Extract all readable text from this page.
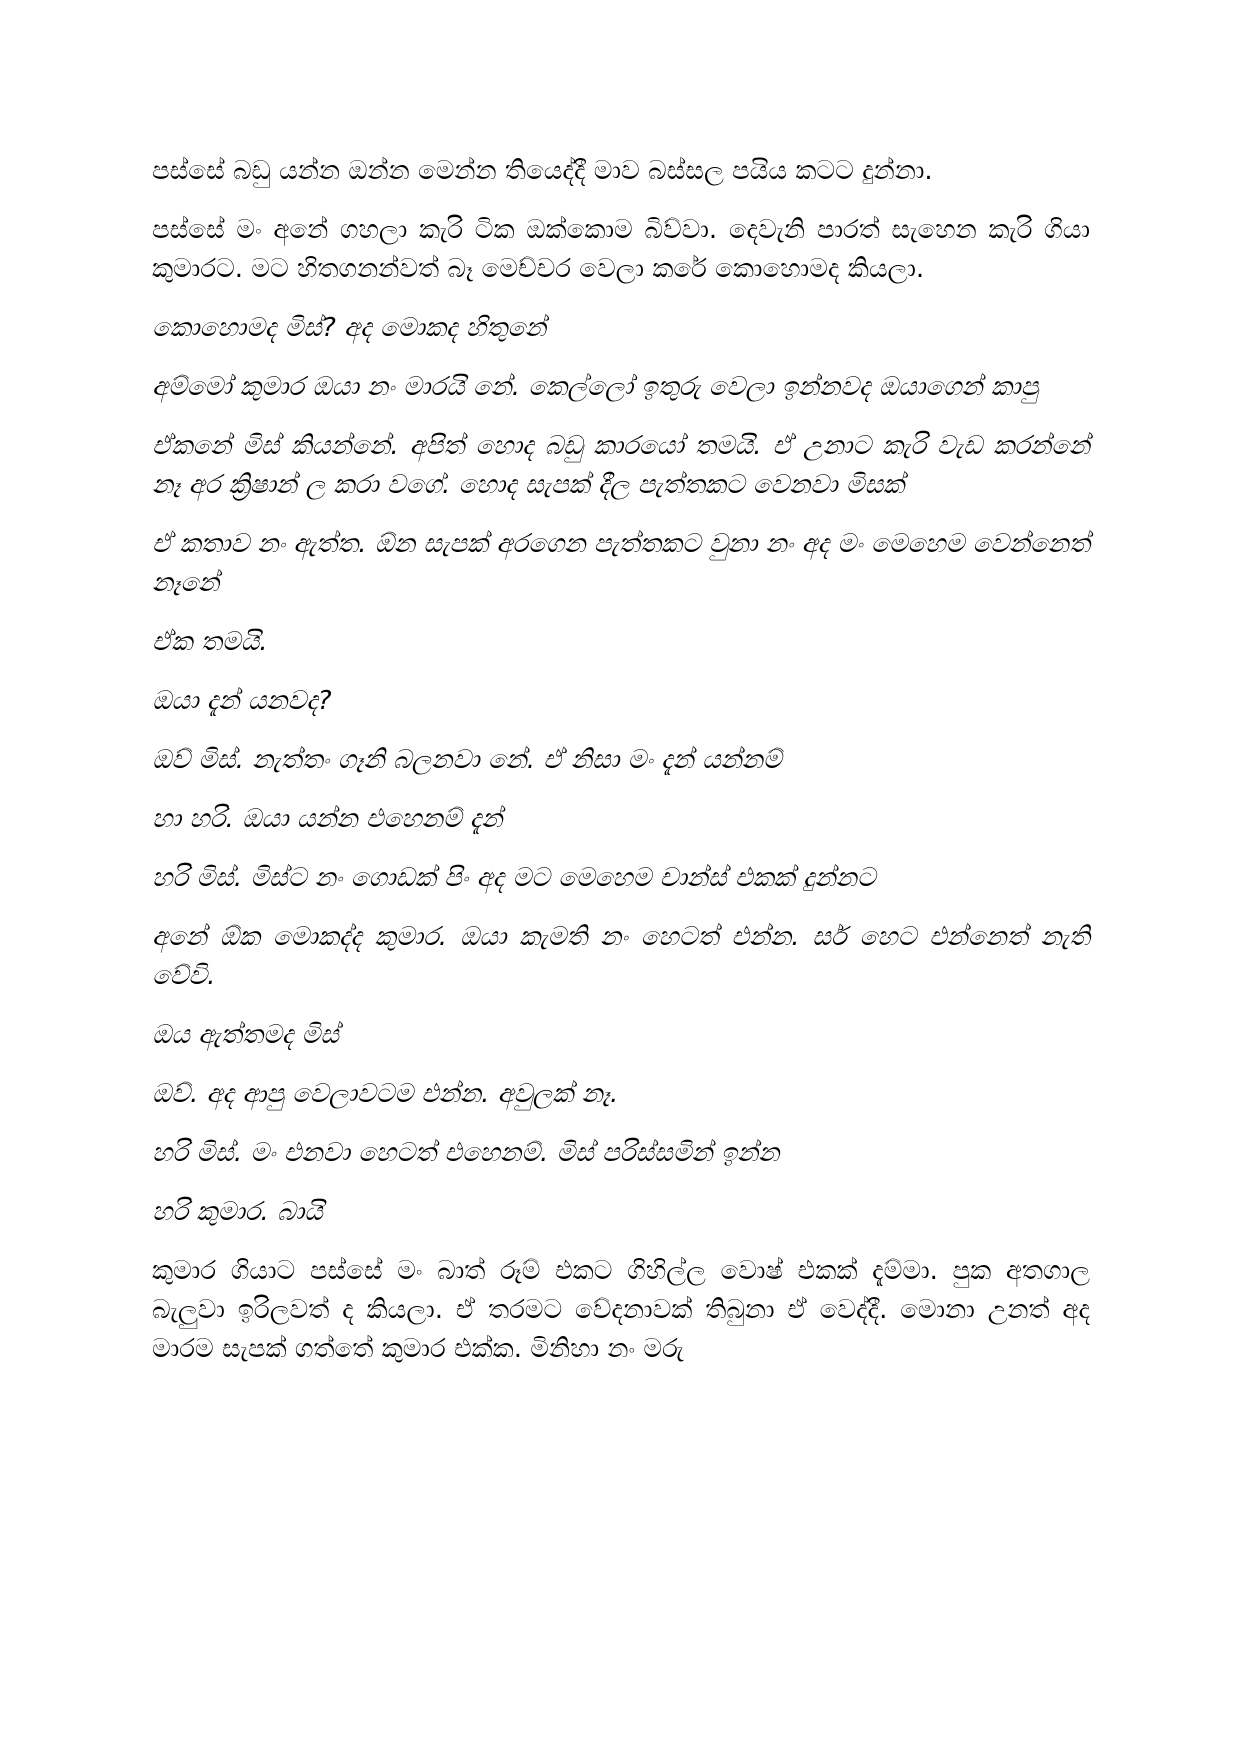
පස්සේ බඩු යන්න ඔන්න මෙන්න තියෙද්දී මාව බස්සල පයිය කටට දුන්නා.

පස්සේ මං අනේ ගහලා කැරි ටික ඔක්කොම බිව්වා. දෙවැනි පාරත් සැහෙන කැරි ගියා කුමාරට. මට හිතගනන්වත් බෑ මෙච්චර වෙලා කරේ කොහොමද කියලා.

කොහොමද මිස්? අද මොකද හිතුනේ

අම්මෝ කුමාර ඔයා නං මාරයි නේ. කෙල්ලෝ ඉතුරු වෙලා ඉන්නවද ඔයාගෙන් කාපු

ඒකනේ මිස් කියන්නේ. අපිත් හොද බඩු කාරයෝ තමයි. ඒ උනාට කැරි වැඩ කරන්නේ නෑ අර ක්‍රිෂාන් ල කරා වගේ. හොද සැපක් දීල පැත්තකට වෙනවා මිසක්

ඒ කතාව නං ඇත්ත. ඕන සැපක් අරගෙන පැත්තකට වුනා නං අද මං මෙහෙම වෙන්නෙත් නෑනේ

ඒක තමයි.

ඔයා දැන් යනවද?

ඔව් මිස්. නැත්තං ගෑනි බලනවා නේ. ඒ නිසා මං දැන් යන්නම්

හා හරි. ඔයා යන්න එහෙනම් දැන්

හරි මිස්. මිස්ට නං ගොඩක් පිං අද මට මෙහෙම චාන්ස් එකක් දුන්නට

අනේ ඕක මොකද්ද කුමාර. ඔයා කැමති නං හෙටත් එන්න. සර් හෙට එන්නෙත් නැති වේවි.

ඔය ඇත්තමද මිස්

ඔව්. අද ආපු වෙලාවටම එන්න. අවුලක් නෑ.

හරි මිස්. මං එනවා හෙටත් එහෙනම්. මිස් පරිස්සමින් ඉන්න

හරි කුමාර. බායි

කුමාර ගියාට පස්සේ මං බාත් රූම් එකට ගිහිල්ල වොෂ් එකක් දැම්මා. පුක අතගාල බැලුවා ඉරිලවත් ද කියලා. ඒ තරමට වේදනාවක් තිබුනා ඒ වෙද්දී. මොනා උනත් අද මාරම සැපක් ගත්තේ කුමාර එක්ක. මිනිහා නං මරු
